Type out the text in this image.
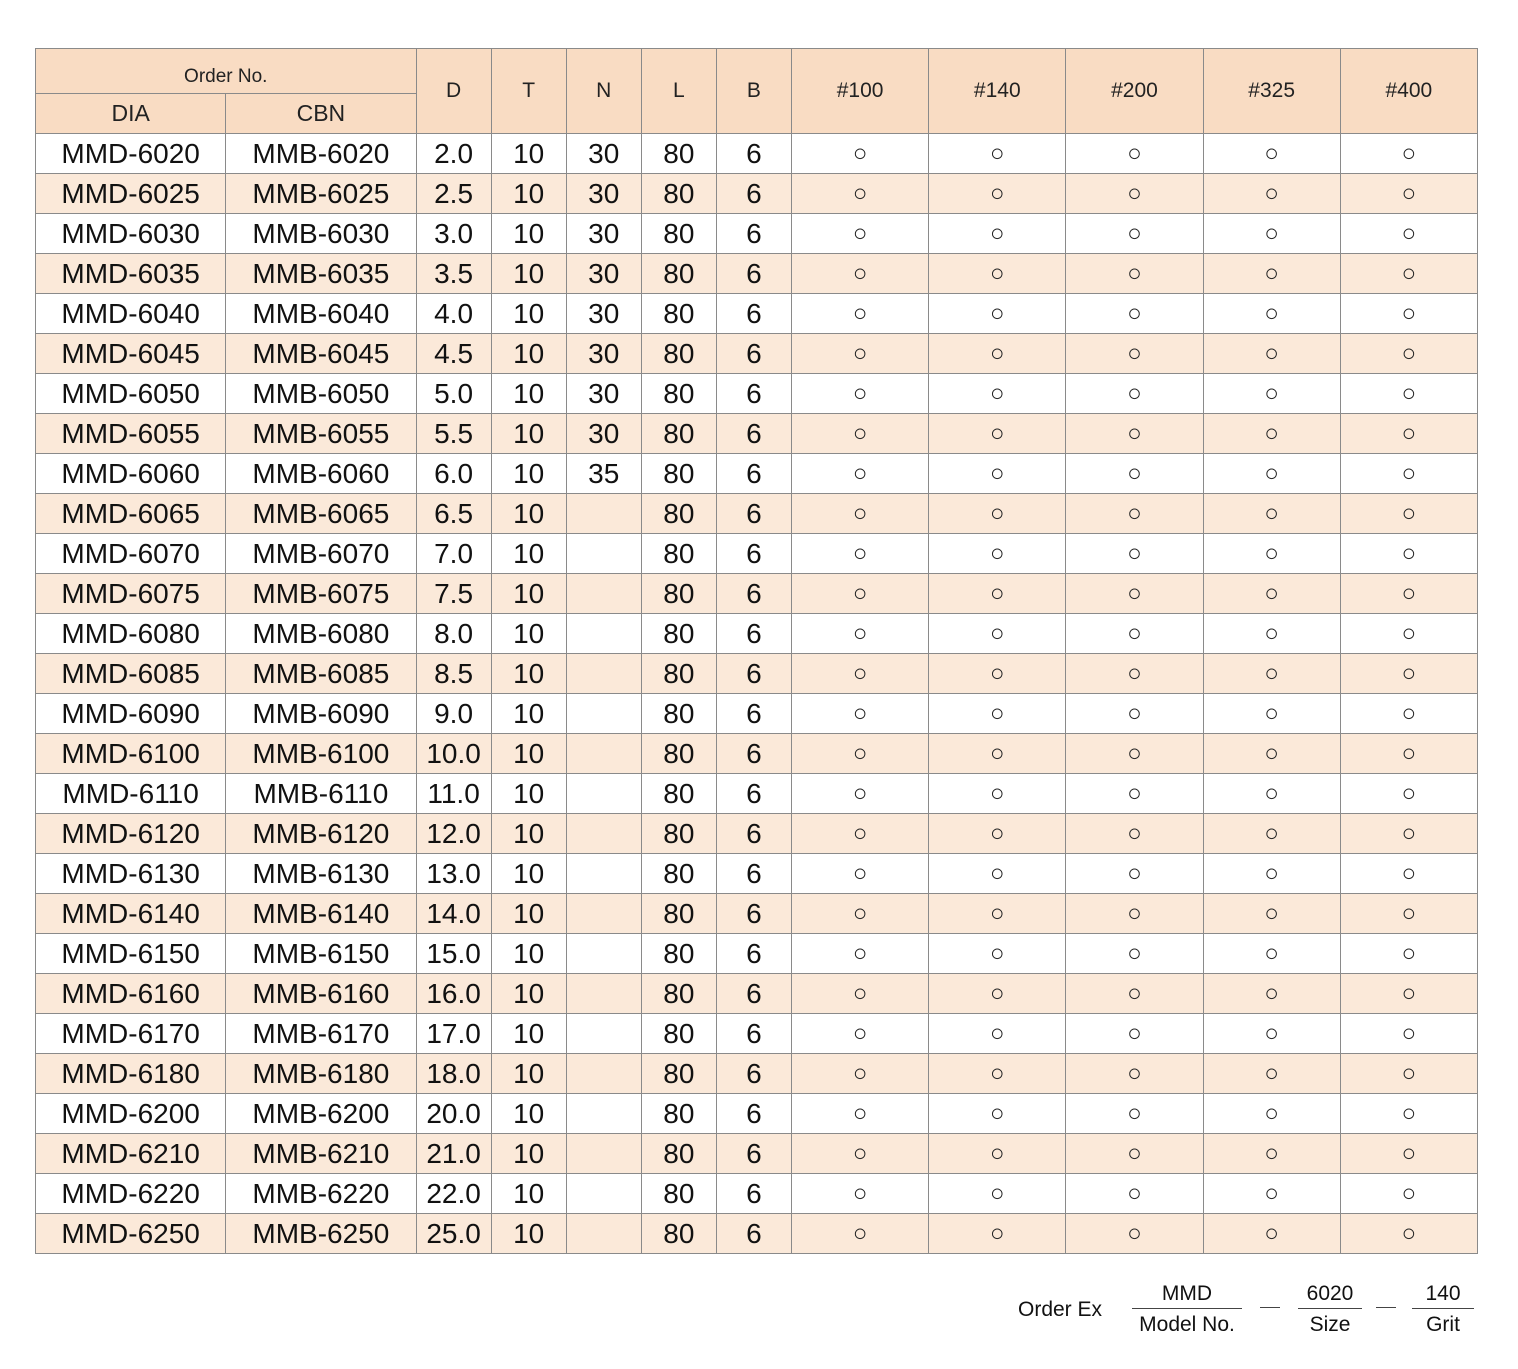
Order No.		D	T	N	L	B	#100	#140	#200	#325	#400
DIA	CBN										
MMD-6020	MMB-6020	2.0	10	30	80	6	○	○	○	○	○
MMD-6025	MMB-6025	2.5	10	30	80	6	○	○	○	○	○
MMD-6030	MMB-6030	3.0	10	30	80	6	○	○	○	○	○
MMD-6035	MMB-6035	3.5	10	30	80	6	○	○	○	○	○
MMD-6040	MMB-6040	4.0	10	30	80	6	○	○	○	○	○
MMD-6045	MMB-6045	4.5	10	30	80	6	○	○	○	○	○
MMD-6050	MMB-6050	5.0	10	30	80	6	○	○	○	○	○
MMD-6055	MMB-6055	5.5	10	30	80	6	○	○	○	○	○
MMD-6060	MMB-6060	6.0	10	35	80	6	○	○	○	○	○
MMD-6065	MMB-6065	6.5	10		80	6	○	○	○	○	○
MMD-6070	MMB-6070	7.0	10		80	6	○	○	○	○	○
MMD-6075	MMB-6075	7.5	10		80	6	○	○	○	○	○
MMD-6080	MMB-6080	8.0	10		80	6	○	○	○	○	○
MMD-6085	MMB-6085	8.5	10		80	6	○	○	○	○	○
MMD-6090	MMB-6090	9.0	10		80	6	○	○	○	○	○
MMD-6100	MMB-6100	10.0	10		80	6	○	○	○	○	○
MMD-6110	MMB-6110	11.0	10		80	6	○	○	○	○	○
MMD-6120	MMB-6120	12.0	10		80	6	○	○	○	○	○
MMD-6130	MMB-6130	13.0	10		80	6	○	○	○	○	○
MMD-6140	MMB-6140	14.0	10		80	6	○	○	○	○	○
MMD-6150	MMB-6150	15.0	10		80	6	○	○	○	○	○
MMD-6160	MMB-6160	16.0	10		80	6	○	○	○	○	○
MMD-6170	MMB-6170	17.0	10		80	6	○	○	○	○	○
MMD-6180	MMB-6180	18.0	10		80	6	○	○	○	○	○
MMD-6200	MMB-6200	20.0	10		80	6	○	○	○	○	○
MMD-6210	MMB-6210	21.0	10		80	6	○	○	○	○	○
MMD-6220	MMB-6220	22.0	10		80	6	○	○	○	○	○
MMD-6250	MMB-6250	25.0	10		80	6	○	○	○	○	○
Order Ex
MMD
Model No.
6020
Size
140
Grit
